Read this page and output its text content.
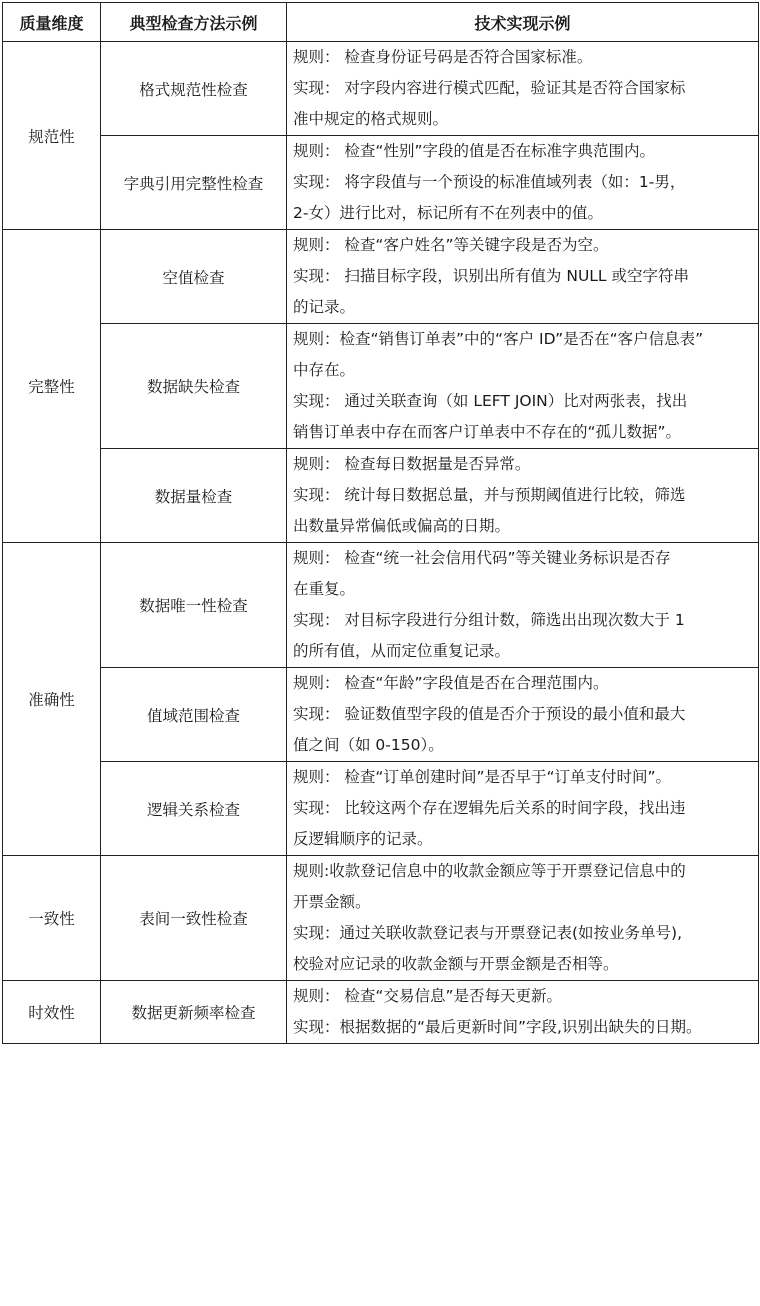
质量维度	典型检查方法示例	技术实现示例
规范性	格式规范性检查	规则： 检查身份证号码是否符合国家标准。
实现： 对字段内容进行模式匹配，验证其是否符合国家标
准中规定的格式规则。

	字典引用完整性检查	规则： 检查“性别”字段的值是否在标准字典范围内。
实现： 将字段值与一个预设的标准值域列表（如：1-男，
2-女）进行比对，标记所有不在列表中的值。

完整性	空值检查	规则： 检查“客户姓名”等关键字段是否为空。
实现： 扫描目标字段，识别出所有值为 NULL 或空字符串
的记录。

	数据缺失检查	规则：检查“销售订单表”中的“客户 ID”是否在“客户信息表”
中存在。
实现： 通过关联查询（如 LEFT JOIN）比对两张表，找出
销售订单表中存在而客户订单表中不存在的“孤儿数据”。

	数据量检查	规则： 检查每日数据量是否异常。
实现： 统计每日数据总量，并与预期阈值进行比较，筛选
出数量异常偏低或偏高的日期。

准确性	数据唯一性检查	规则： 检查“统一社会信用代码”等关键业务标识是否存
在重复。
实现： 对目标字段进行分组计数，筛选出出现次数大于 1
的所有值，从而定位重复记录。

	值域范围检查	规则： 检查“年龄”字段值是否在合理范围内。
实现： 验证数值型字段的值是否介于预设的最小值和最大
值之间（如 0-150）。

	逻辑关系检查	规则： 检查“订单创建时间”是否早于“订单支付时间”。
实现： 比较这两个存在逻辑先后关系的时间字段，找出违
反逻辑顺序的记录。

一致性	表间一致性检查	规则:收款登记信息中的收款金额应等于开票登记信息中的
开票金额。
实现：通过关联收款登记表与开票登记表(如按业务单号),
校验对应记录的收款金额与开票金额是否相等。

时效性	数据更新频率检查	规则： 检查“交易信息”是否每天更新。
实现：根据数据的“最后更新时间”字段,识别出缺失的日期。
